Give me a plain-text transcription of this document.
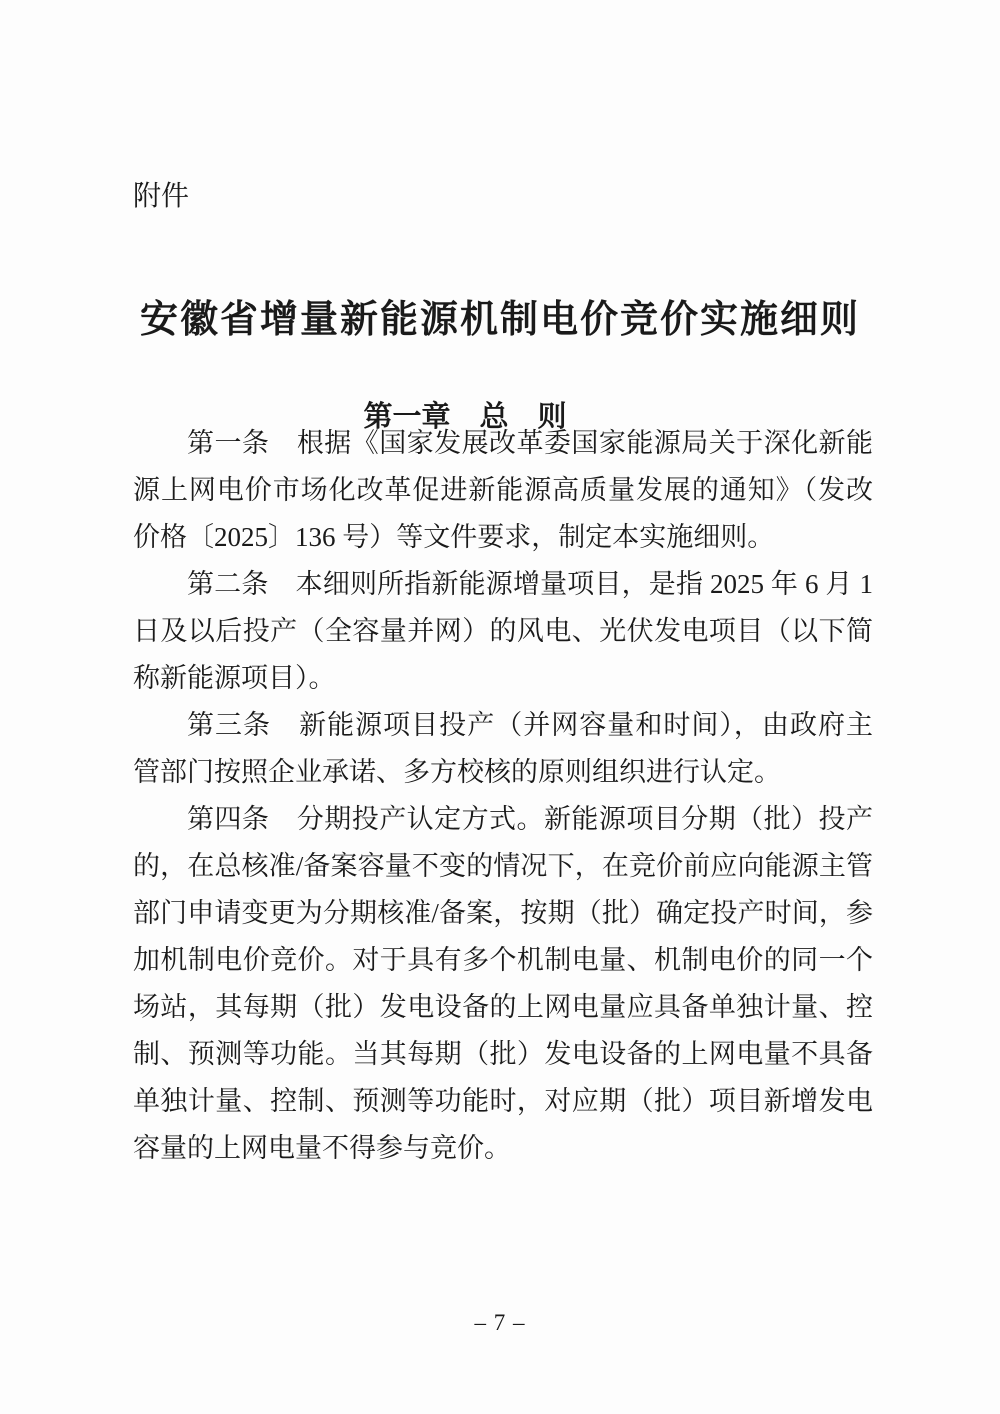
附件
安徽省增量新能源机制电价竞价实施细则
第一章　总　则

第一条　根据《国家发展改革委国家能源局关于深化新能源上网电价市场化改革促进新能源高质量发展的通知》（发改价格〔2025〕136 号）等文件要求，制定本实施细则。

第二条　本细则所指新能源增量项目，是指 2025 年 6 月 1 日及以后投产（全容量并网）的风电、光伏发电项目（以下简称新能源项目）。

第三条　新能源项目投产（并网容量和时间），由政府主管部门按照企业承诺、多方校核的原则组织进行认定。

第四条　分期投产认定方式。新能源项目分期（批）投产的，在总核准/备案容量不变的情况下，在竞价前应向能源主管部门申请变更为分期核准/备案，按期（批）确定投产时间，参加机制电价竞价。对于具有多个机制电量、机制电价的同一个场站，其每期（批）发电设备的上网电量应具备单独计量、控制、预测等功能。当其每期（批）发电设备的上网电量不具备单独计量、控制、预测等功能时，对应期（批）项目新增发电容量的上网电量不得参与竞价。

– 7 –
